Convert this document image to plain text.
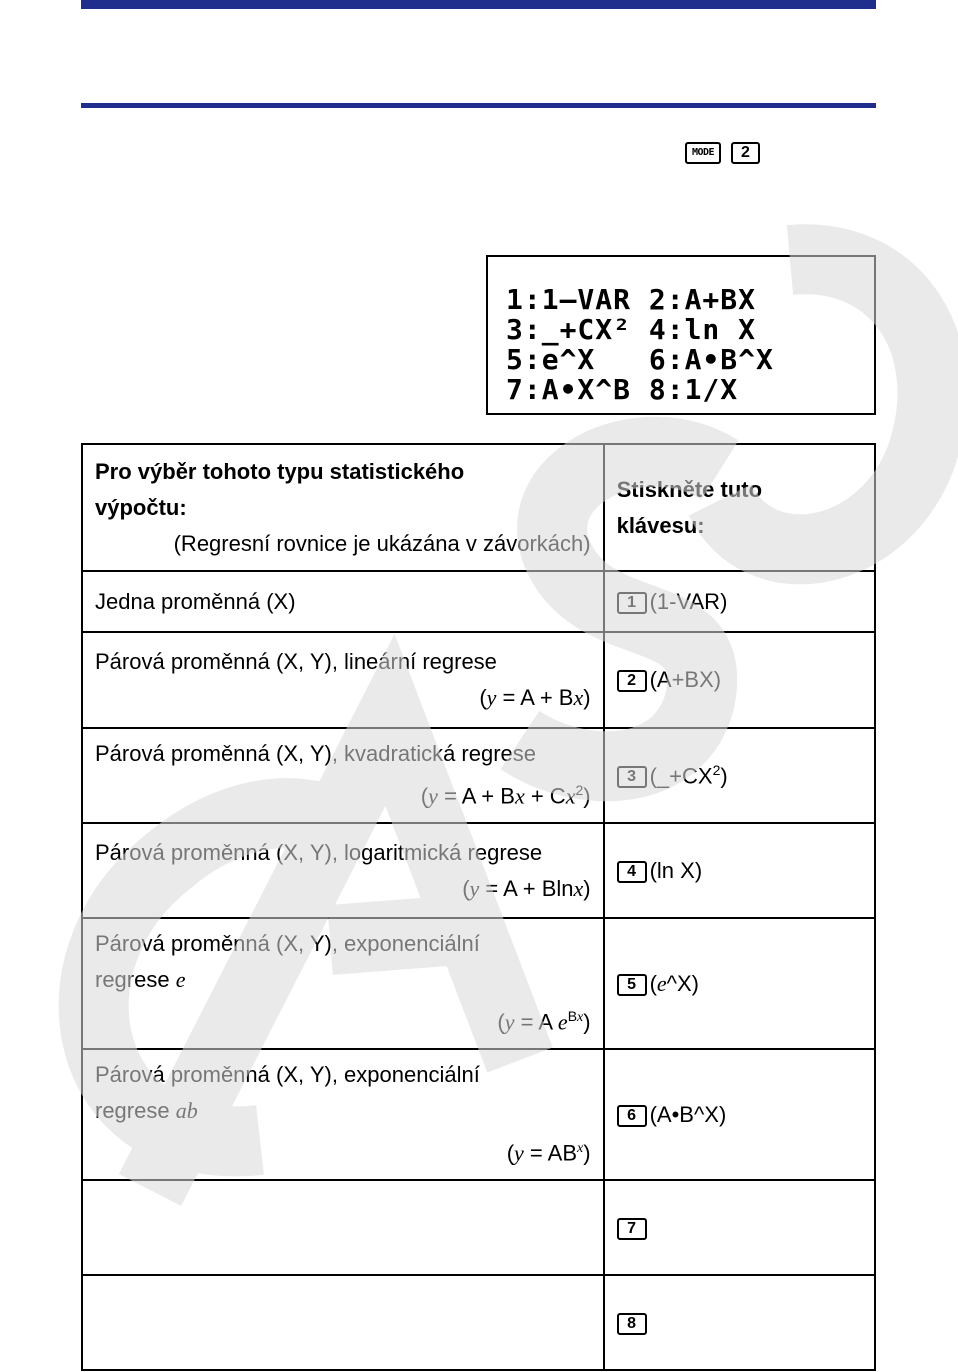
MODE	2
1:1—VAR 2:A+BX
3:_+CX² 4:ln X
5:e^X   6:A•B^X
7:A•X^B 8:1/X
Pro výběr tohoto typu statistického
výpočtu:
(Regresní rovnice je ukázána v závorkách)	Stiskněte tuto
klávesu:

Jedna proměnná (X)	1 (1-VAR)

Párová proměnná (X, Y), lineární regrese
(y = A + Bx)	2 (A+BX)

Párová proměnná (X, Y), kvadratická regrese
$(y = A + Bx + Cx^2)$	3 $(\_+CX^2)$

Párová proměnná (X, Y), logaritmická regrese
(y = A + Blnx)	4 (ln X)

Párová proměnná (X, Y), exponenciální
regrese e
(y = A $e^{Bx}$)	5 (e^X)

Párová proměnná (X, Y), exponenciální
regrese ab
$(y = AB^x)$	6 (A•B^X)
	7
	8
